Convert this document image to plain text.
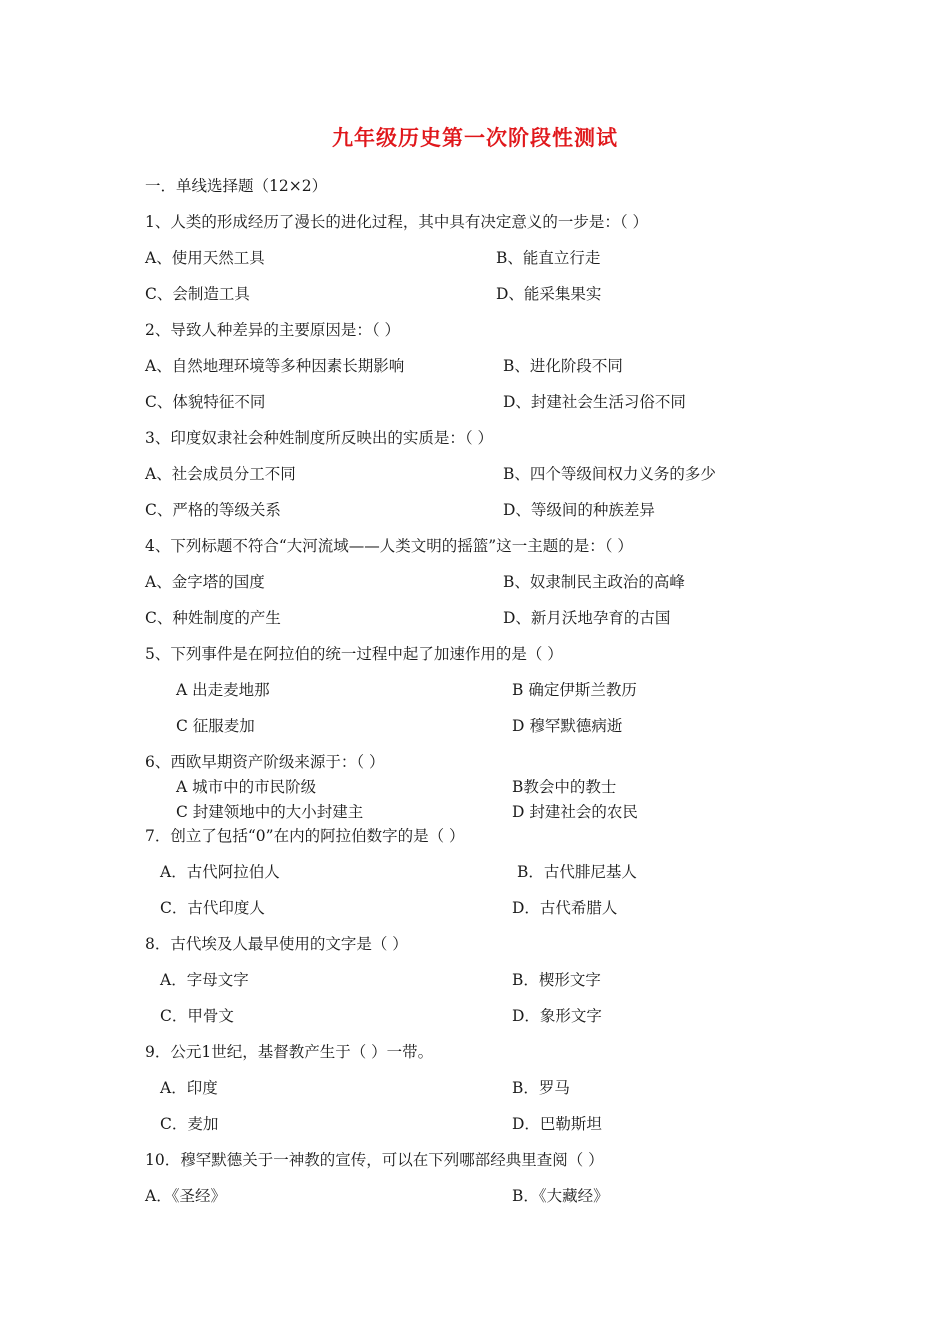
九年级历史第一次阶段性测试
一．单线选择题（12×2）
1、人类的形成经历了漫长的进化过程，其中具有决定意义的一步是：（ ）
A、使用天然工具	B、能直立行走
C、会制造工具	D、能采集果实
2、导致人种差异的主要原因是：（ ）
A、自然地理环境等多种因素长期影响	B、进化阶段不同
C、体貌特征不同	D、封建社会生活习俗不同
3、印度奴隶社会种姓制度所反映出的实质是：（ ）
A、社会成员分工不同	B、四个等级间权力义务的多少
C、严格的等级关系	D、等级间的种族差异
4、下列标题不符合“大河流域——人类文明的摇篮”这一主题的是：（ ）
A、金字塔的国度	B、奴隶制民主政治的高峰
C、种姓制度的产生	D、新月沃地孕育的古国
5、下列事件是在阿拉伯的统一过程中起了加速作用的是（ ）
A 出走麦地那	B 确定伊斯兰教历
C 征服麦加	D 穆罕默德病逝
6、西欧早期资产阶级来源于：（ ）
A 城市中的市民阶级	B教会中的教士
C 封建领地中的大小封建主	D 封建社会的农民
7．创立了包括“0”在内的阿拉伯数字的是（ ）
A．古代阿拉伯人	B．古代腓尼基人
C．古代印度人	D．古代希腊人
8．古代埃及人最早使用的文字是（ ）
A．字母文字	B．楔形文字
C．甲骨文	D．象形文字
9．公元1世纪，基督教产生于（ ）一带。
A．印度	B．罗马
C．麦加	D．巴勒斯坦
10．穆罕默德关于一神教的宣传，可以在下列哪部经典里查阅（ ）
A．《圣经》	B．《大藏经》
